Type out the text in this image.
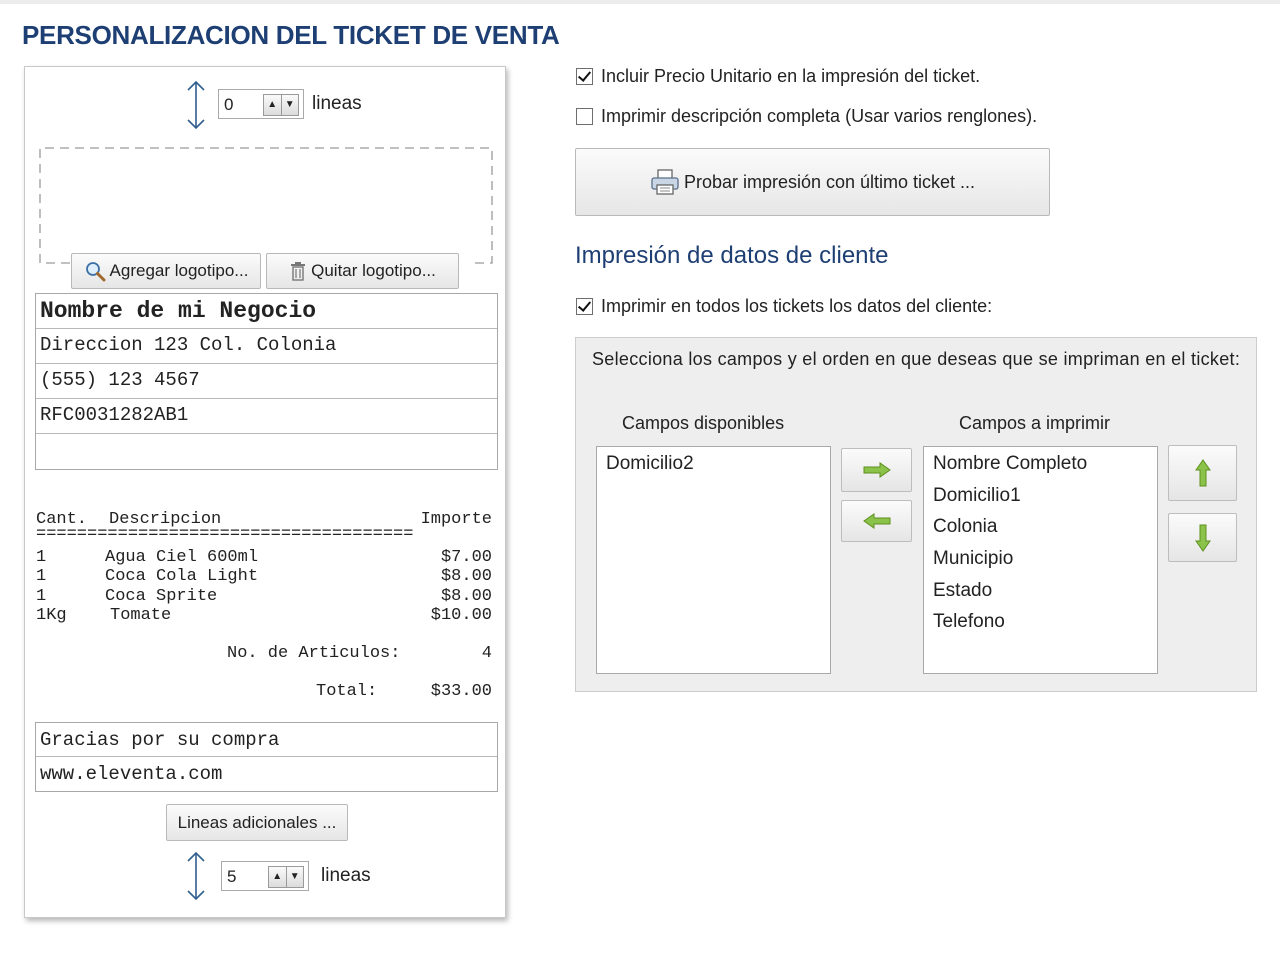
PERSONALIZACION DEL TICKET DE VENTA
0	▲ ▼ lineas
Agregar logotipo...	Quitar logotipo...
Nombre de mi Negocio
Direccion 123 Col. Colonia
(555) 123 4567
RFC0031282AB1
Cant. Descripcion	Importe
=====================================
1	Agua Ciel 600ml	$7.00
1	Coca Cola Light	$8.00
1	Coca Sprite	$8.00
1Kg	Tomate	$10.00
No. de Articulos:	4
Total:	$33.00
Gracias por su compra
www.eleventa.com
Lineas adicionales ...
5	▲ ▼ lineas
Incluir Precio Unitario en la impresión del ticket.
Imprimir descripción completa (Usar varios renglones).
Probar impresión con último ticket ...
Impresión de datos de cliente
Imprimir en todos los tickets los datos del cliente:
Selecciona los campos y el orden en que deseas que se impriman en el ticket:
Campos disponibles	Campos a imprimir
Domicilio2	Nombre Completo
Domicilio1
Colonia
Municipio
Estado
Telefono
